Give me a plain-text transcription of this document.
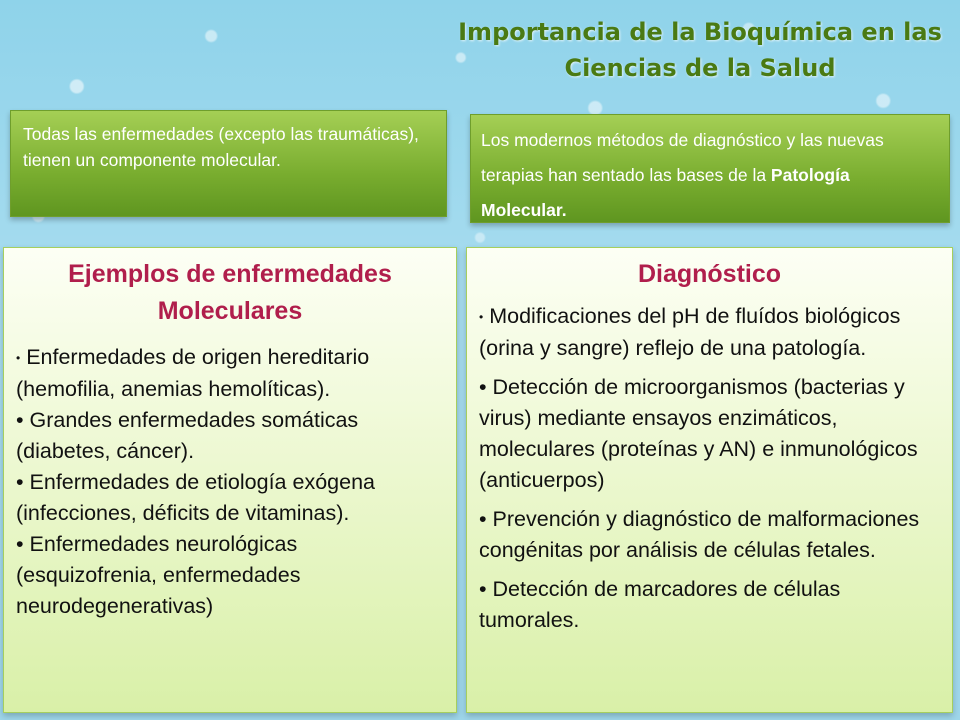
Importancia de la Bioquímica en las
Ciencias de la Salud
Todas las enfermedades (excepto las traumáticas), tienen un componente molecular.
Los modernos métodos de diagnóstico y las nuevas   terapias han sentado las bases de la Patología Molecular.
Ejemplos de enfermedades
Moleculares
• Enfermedades de origen hereditario (hemofilia, anemias hemolíticas).
• Grandes enfermedades somáticas (diabetes, cáncer).
• Enfermedades de etiología exógena (infecciones, déficits de vitaminas).
• Enfermedades neurológicas (esquizofrenia, enfermedades neurodegenerativas)
Diagnóstico
• Modificaciones del pH de fluídos biológicos (orina y sangre) reflejo de una patología.
• Detección de microorganismos (bacterias y virus) mediante ensayos enzimáticos, moleculares (proteínas y AN) e inmunológicos (anticuerpos)
• Prevención y diagnóstico de malformaciones congénitas por análisis de células fetales.
• Detección de marcadores de células tumorales.
